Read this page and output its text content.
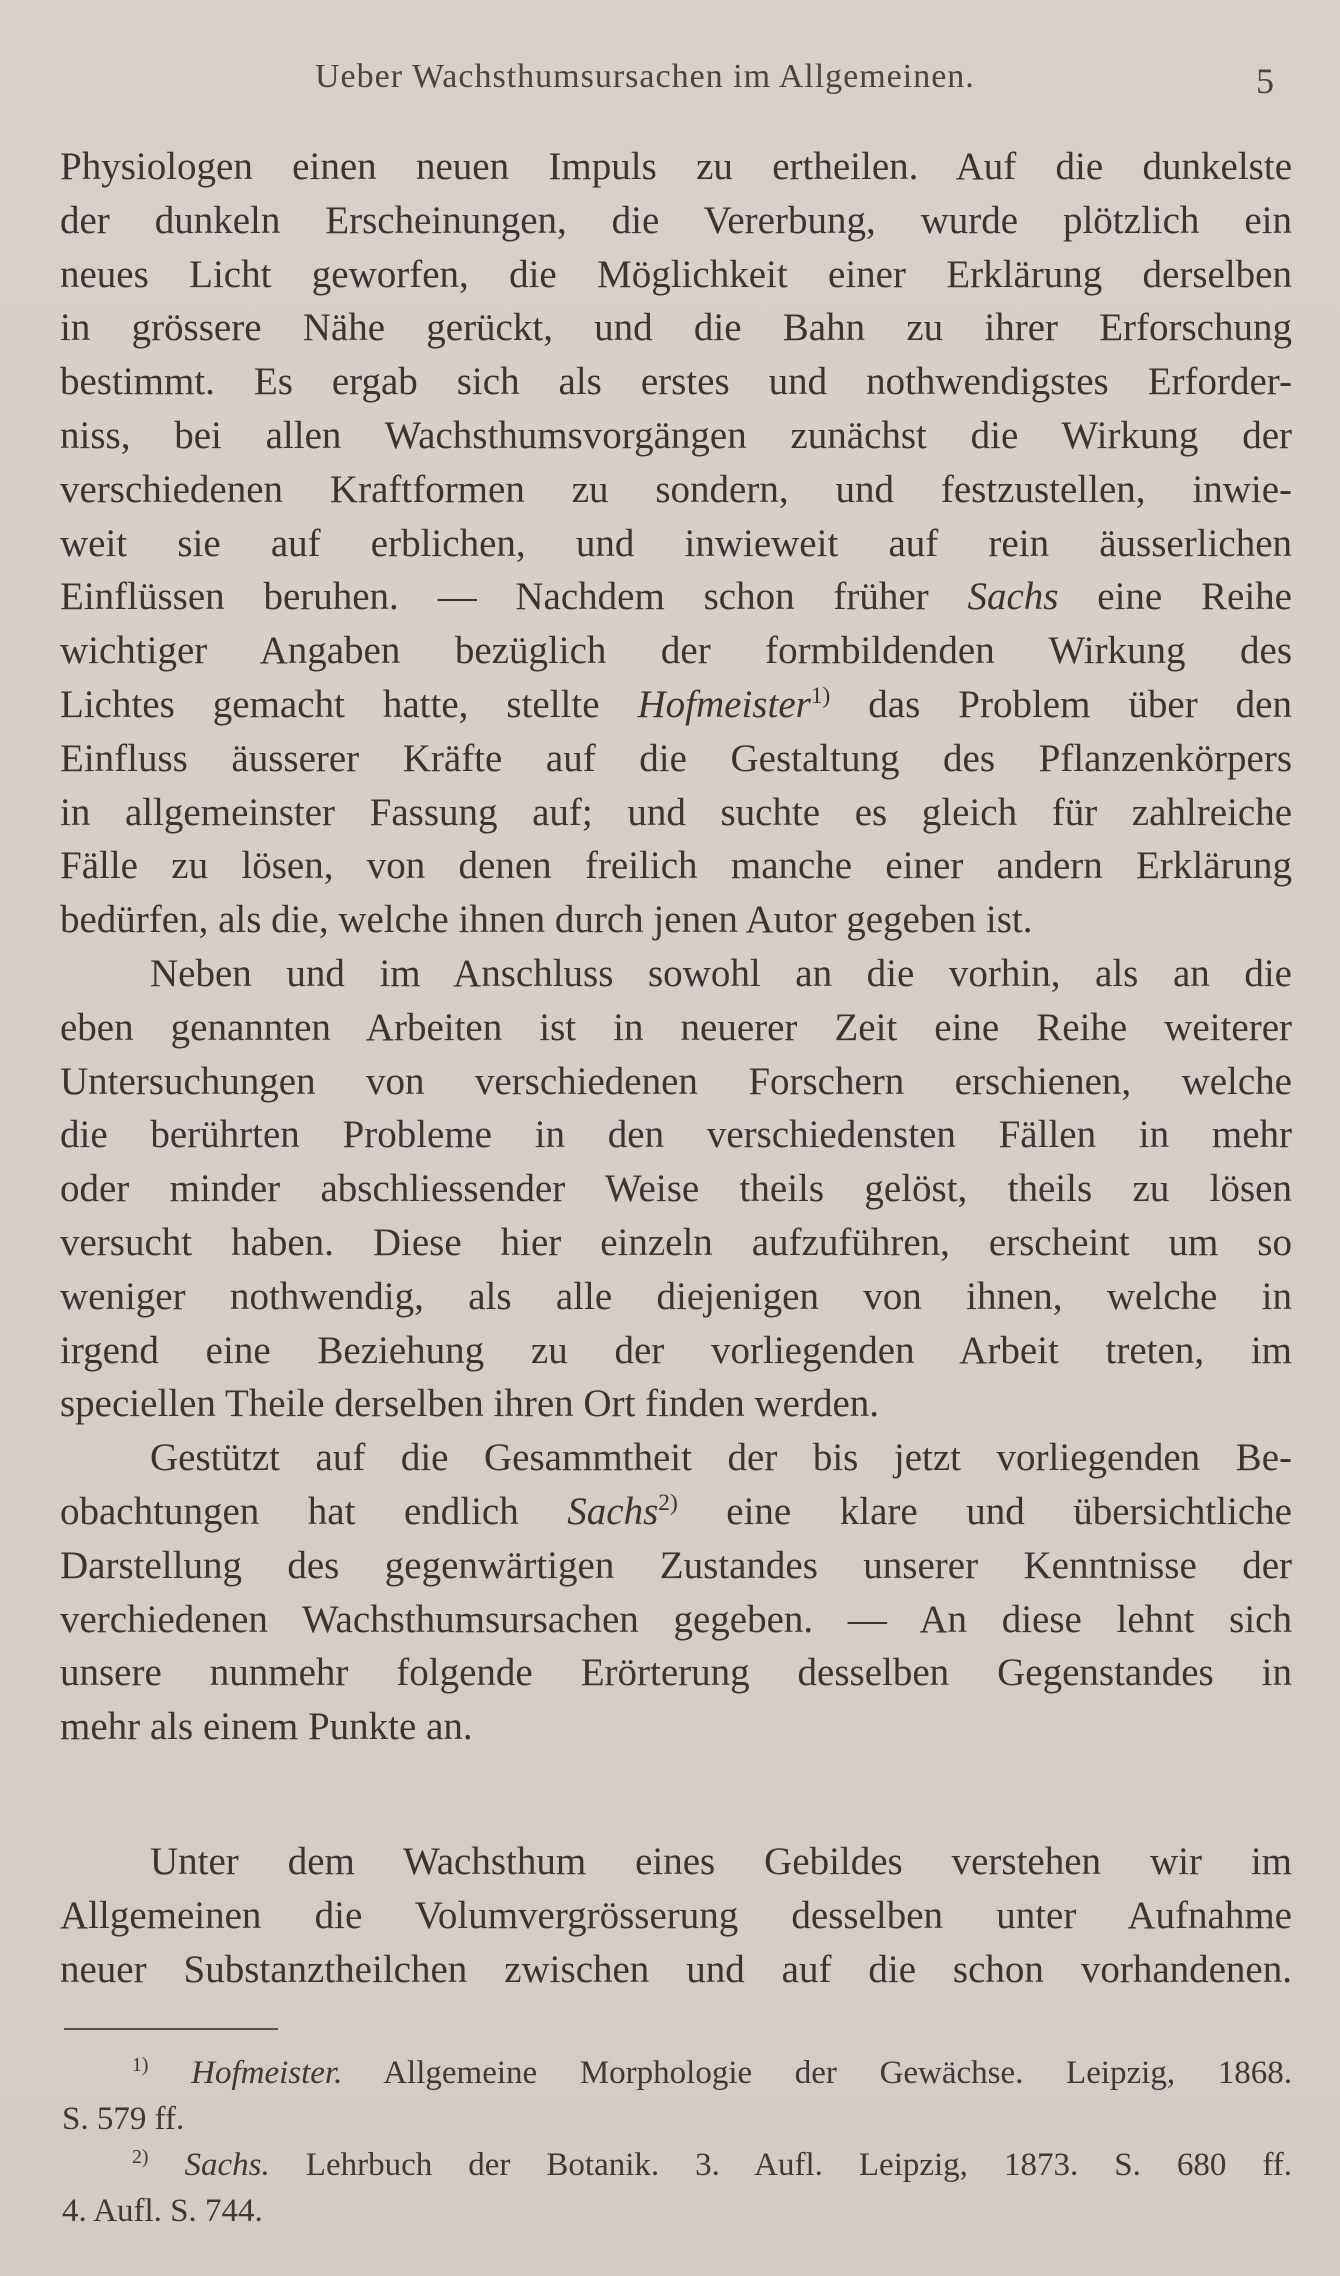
Ueber Wachsthumsursachen im Allgemeinen.	5

Physiologen einen neuen Impuls zu ertheilen. Auf die dunkelste
der dunkeln Erscheinungen, die Vererbung, wurde plötzlich ein
neues Licht geworfen, die Möglichkeit einer Erklärung derselben
in grössere Nähe gerückt, und die Bahn zu ihrer Erforschung
bestimmt. Es ergab sich als erstes und nothwendigstes Erforder-
niss, bei allen Wachsthumsvorgängen zunächst die Wirkung der
verschiedenen Kraftformen zu sondern, und festzustellen, inwie-
weit sie auf erblichen, und inwieweit auf rein äusserlichen
Einflüssen beruhen. — Nachdem schon früher Sachs eine Reihe
wichtiger Angaben bezüglich der formbildenden Wirkung des
Lichtes gemacht hatte, stellte Hofmeister$^{1)}$ das Problem über den
Einfluss äusserer Kräfte auf die Gestaltung des Pflanzenkörpers
in allgemeinster Fassung auf; und suchte es gleich für zahlreiche
Fälle zu lösen, von denen freilich manche einer andern Erklärung
bedürfen, als die, welche ihnen durch jenen Autor gegeben ist.

Neben und im Anschluss sowohl an die vorhin, als an die
eben genannten Arbeiten ist in neuerer Zeit eine Reihe weiterer
Untersuchungen von verschiedenen Forschern erschienen, welche
die berührten Probleme in den verschiedensten Fällen in mehr
oder minder abschliessender Weise theils gelöst, theils zu lösen
versucht haben. Diese hier einzeln aufzuführen, erscheint um so
weniger nothwendig, als alle diejenigen von ihnen, welche in
irgend eine Beziehung zu der vorliegenden Arbeit treten, im
speciellen Theile derselben ihren Ort finden werden.

Gestützt auf die Gesammtheit der bis jetzt vorliegenden Be-
obachtungen hat endlich Sachs$^{2)}$ eine klare und übersichtliche
Darstellung des gegenwärtigen Zustandes unserer Kenntnisse der
verchiedenen Wachsthumsursachen gegeben. — An diese lehnt sich
unsere nunmehr folgende Erörterung desselben Gegenstandes in
mehr als einem Punkte an.

Unter dem Wachsthum eines Gebildes verstehen wir im
Allgemeinen die Volumvergrösserung desselben unter Aufnahme
neuer Substanztheilchen zwischen und auf die schon vorhandenen.

$^{1)}$ Hofmeister. Allgemeine Morphologie der Gewächse. Leipzig, 1868.
S. 579 ff.
$^{2)}$ Sachs. Lehrbuch der Botanik. 3. Aufl. Leipzig, 1873. S. 680 ff.
4. Aufl. S. 744.
